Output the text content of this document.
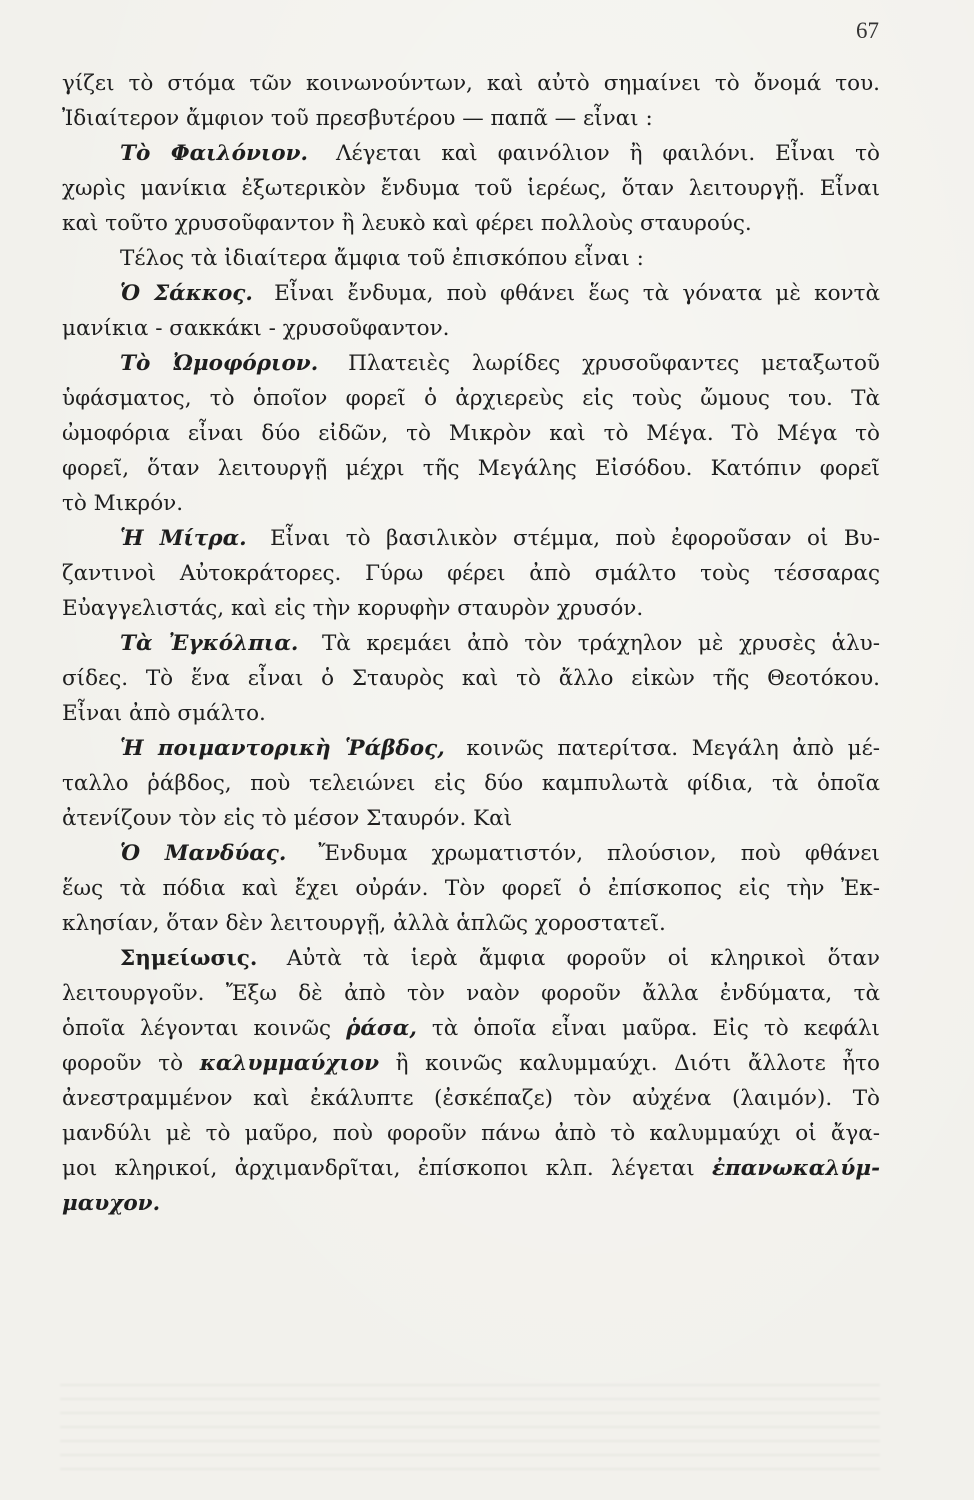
67
γίζει τὸ στόμα τῶν κοινωνούντων, καὶ αὐτὸ σημαίνει τὸ ὄνομά του.
Ἰδιαίτερον ἄμφιον τοῦ πρεσβυτέρου — παπᾶ — εἶναι :
Τὸ Φαιλόνιον. Λέγεται καὶ φαινόλιον ἢ φαιλόνι. Εἶναι τὸ
χωρὶς μανίκια ἐξωτερικὸν ἔνδυμα τοῦ ἱερέως, ὅταν λειτουργῇ. Εἶναι
καὶ τοῦτο χρυσοῦφαντον ἢ λευκὸ καὶ φέρει πολλοὺς σταυρούς.
Τέλος τὰ ἰδιαίτερα ἄμφια τοῦ ἐπισκόπου εἶναι :
Ὁ Σάκκος. Εἶναι ἔνδυμα, ποὺ φθάνει ἕως τὰ γόνατα μὲ κοντὰ
μανίκια - σακκάκι - χρυσοῦφαντον.
Τὸ Ὠμοφόριον. Πλατειὲς λωρίδες χρυσοῦφαντες μεταξωτοῦ
ὑφάσματος, τὸ ὁποῖον φορεῖ ὁ ἀρχιερεὺς εἰς τοὺς ὤμους του. Τὰ
ὠμοφόρια εἶναι δύο εἰδῶν, τὸ Μικρὸν καὶ τὸ Μέγα. Τὸ Μέγα τὸ
φορεῖ, ὅταν λειτουργῇ μέχρι τῆς Μεγάλης Εἰσόδου. Κατόπιν φορεῖ
τὸ Μικρόν.
Ἡ Μίτρα. Εἶναι τὸ βασιλικὸν στέμμα, ποὺ ἐφοροῦσαν οἱ Βυ-
ζαντινοὶ Αὐτοκράτορες. Γύρω φέρει ἀπὸ σμάλτο τοὺς τέσσαρας
Εὐαγγελιστάς, καὶ εἰς τὴν κορυφὴν σταυρὸν χρυσόν.
Τὰ Ἐγκόλπια. Τὰ κρεμάει ἀπὸ τὸν τράχηλον μὲ χρυσὲς ἁλυ-
σίδες. Τὸ ἕνα εἶναι ὁ Σταυρὸς καὶ τὸ ἄλλο εἰκὼν τῆς Θεοτόκου.
Εἶναι ἀπὸ σμάλτο.
Ἡ ποιμαντορικὴ Ῥάβδος, κοινῶς πατερίτσα. Μεγάλη ἀπὸ μέ-
ταλλο ῥάβδος, ποὺ τελειώνει εἰς δύο καμπυλωτὰ φίδια, τὰ ὁποῖα
ἀτενίζουν τὸν εἰς τὸ μέσον Σταυρόν. Καὶ
Ὁ Μανδύας. Ἔνδυμα χρωματιστόν, πλούσιον, ποὺ φθάνει
ἕως τὰ πόδια καὶ ἔχει οὐράν. Τὸν φορεῖ ὁ ἐπίσκοπος εἰς τὴν Ἐκ-
κλησίαν, ὅταν δὲν λειτουργῇ, ἀλλὰ ἁπλῶς χοροστατεῖ.
Σημείωσις. Αὐτὰ τὰ ἱερὰ ἄμφια φοροῦν οἱ κληρικοὶ ὅταν
λειτουργοῦν. Ἔξω δὲ ἀπὸ τὸν ναὸν φοροῦν ἄλλα ἐνδύματα, τὰ
ὁποῖα λέγονται κοινῶς ῥάσα, τὰ ὁποῖα εἶναι μαῦρα. Εἰς τὸ κεφάλι
φοροῦν τὸ καλυμμαύχιον ἢ κοινῶς καλυμμαύχι. Διότι ἄλλοτε ἦτο
ἀνεστραμμένον καὶ ἐκάλυπτε (ἐσκέπαζε) τὸν αὐχένα (λαιμόν). Τὸ
μανδύλι μὲ τὸ μαῦρο, ποὺ φοροῦν πάνω ἀπὸ τὸ καλυμμαύχι οἱ ἄγα-
μοι κληρικοί, ἀρχιμανδρῖται, ἐπίσκοποι κλπ. λέγεται ἐπανωκαλύμ-
μαυχον.
